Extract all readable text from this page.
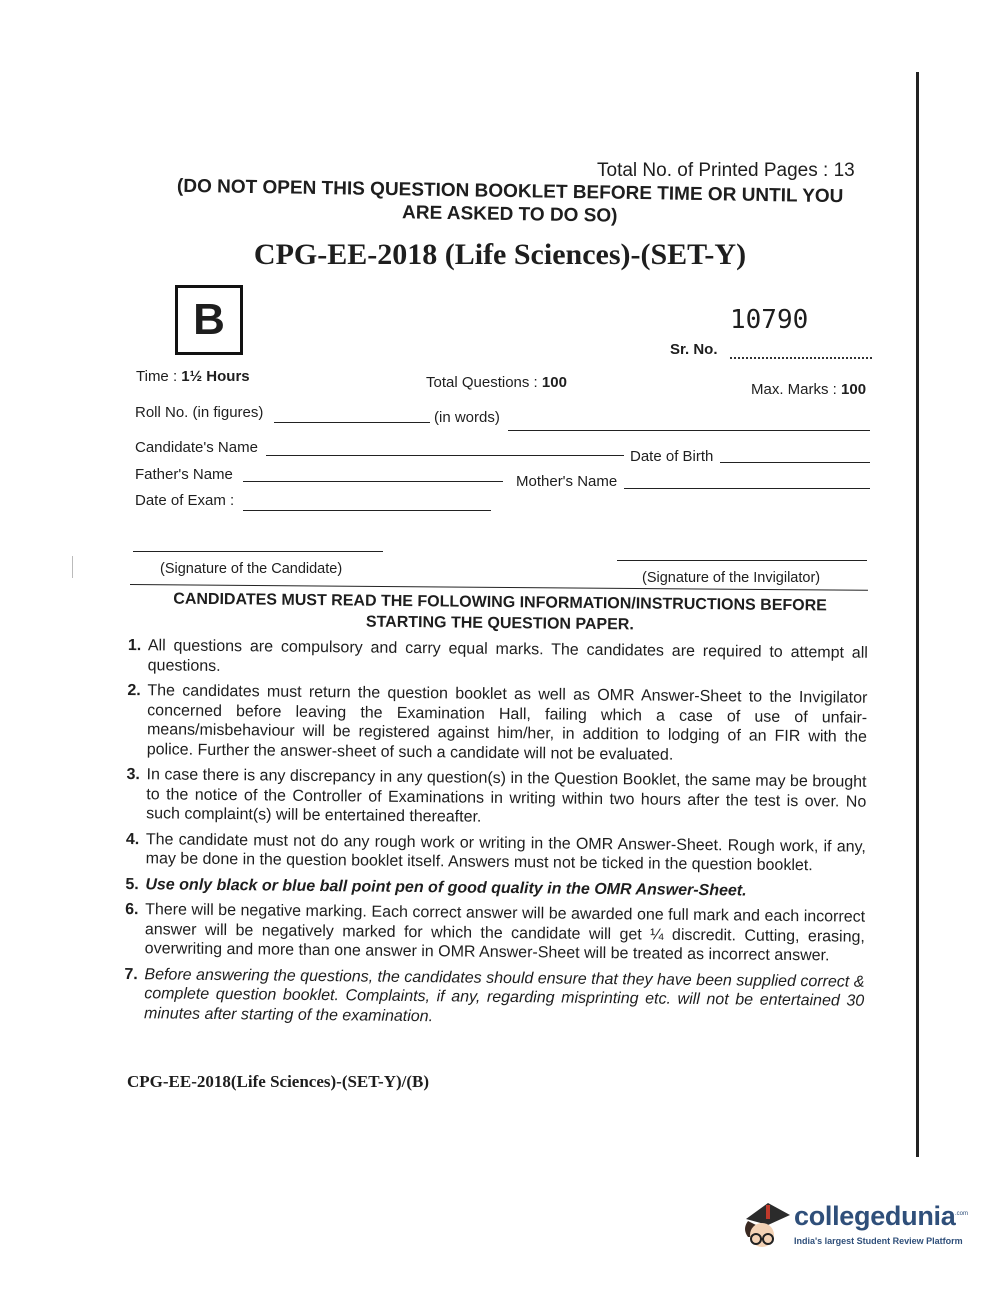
Total No. of Printed Pages : 13
(DO NOT OPEN THIS QUESTION BOOKLET BEFORE TIME OR UNTIL YOU
ARE ASKED TO DO SO)
CPG-EE-2018 (Life Sciences)-(SET-Y)
B	10790
Sr. No.
Time : 1½ Hours	Total Questions : 100	Max. Marks : 100
Roll No. (in figures)	(in words)
Candidate's Name
Date of Birth
Father's Name	Mother's Name
Date of Exam :
(Signature of the Candidate)
(Signature of the Invigilator)
CANDIDATES MUST READ THE FOLLOWING INFORMATION/INSTRUCTIONS BEFORE
STARTING THE QUESTION PAPER.
1. All questions are compulsory and carry equal marks. The candidates are required to attempt all questions.
2. The candidates must return the question booklet as well as OMR Answer-Sheet to the Invigilator concerned before leaving the Examination Hall, failing which a case of use of unfair-means/misbehaviour will be registered against him/her, in addition to lodging of an FIR with the police. Further the answer-sheet of such a candidate will not be evaluated.
3. In case there is any discrepancy in any question(s) in the Question Booklet, the same may be brought to the notice of the Controller of Examinations in writing within two hours after the test is over. No such complaint(s) will be entertained thereafter.
4. The candidate must not do any rough work or writing in the OMR Answer-Sheet. Rough work, if any, may be done in the question booklet itself. Answers must not be ticked in the question booklet.
5. Use only black or blue ball point pen of good quality in the OMR Answer-Sheet.
6. There will be negative marking. Each correct answer will be awarded one full mark and each incorrect answer will be negatively marked for which the candidate will get ¼ discredit. Cutting, erasing, overwriting and more than one answer in OMR Answer-Sheet will be treated as incorrect answer.
7. Before answering the questions, the candidates should ensure that they have been supplied correct & complete question booklet. Complaints, if any, regarding misprinting etc. will not be entertained 30 minutes after starting of the examination.
CPG-EE-2018(Life Sciences)-(SET-Y)/(B)
collegedunia .com
India's largest Student Review Platform
